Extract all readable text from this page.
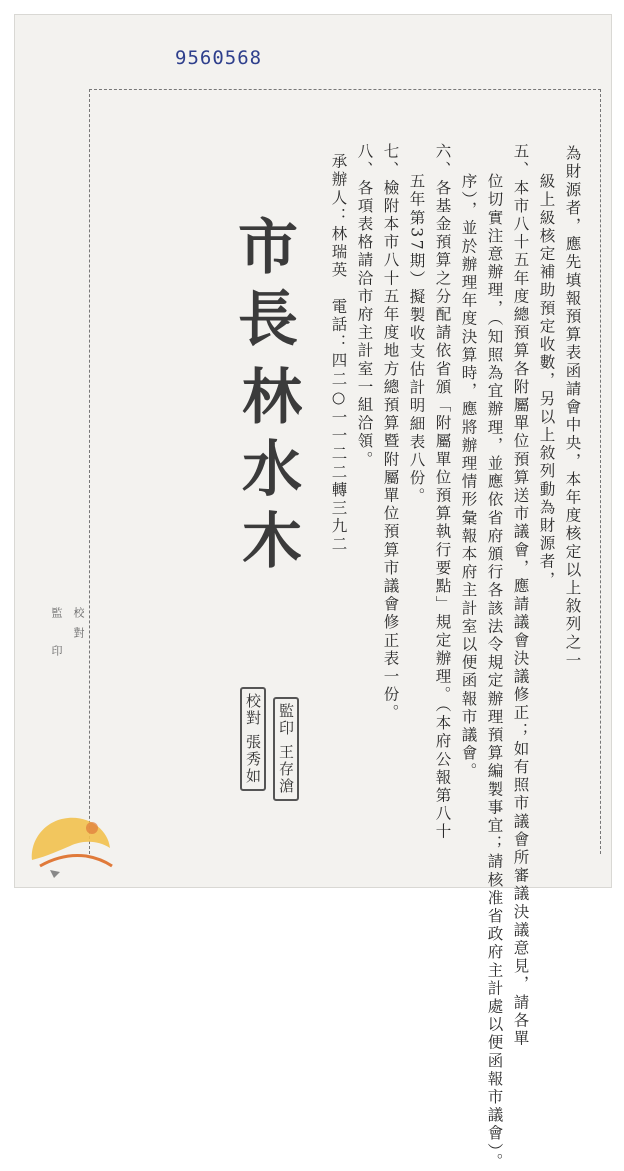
9560568
為財源者，應先填報預算表函請會中央，本年度核定以上敘列之一
級上級核定補助預定收數，另以上敘列動為財源者，
五、本市八十五年度總預算各附屬單位預算送市議會，應請議會決議修正；如有照市議會所審議決議意見，請各單
位切實注意辦理，（知照為宜辦理，並應依省府頒行各該法令規定辦理預算編製事宜；請核准省政府主計處以便函報市議會）。
序），並於辦理年度決算時，應將辦理情形彙報本府主計室以便函報市議會。
六、各基金預算之分配請依省頒「附屬單位預算執行要點」規定辦理。（本府公報第八十
五年第37期）擬製收支估計明細表八份。
七、檢附本市八十五年度地方總預算暨附屬單位預算市議會修正表一份。
八、各項表格請洽市府主計室一組洽領。
承辦人：林瑞英　電話：四二○一一二二轉三九二
市長
林水木
校對 張秀如 監印 王存滄
監
印
校
對
